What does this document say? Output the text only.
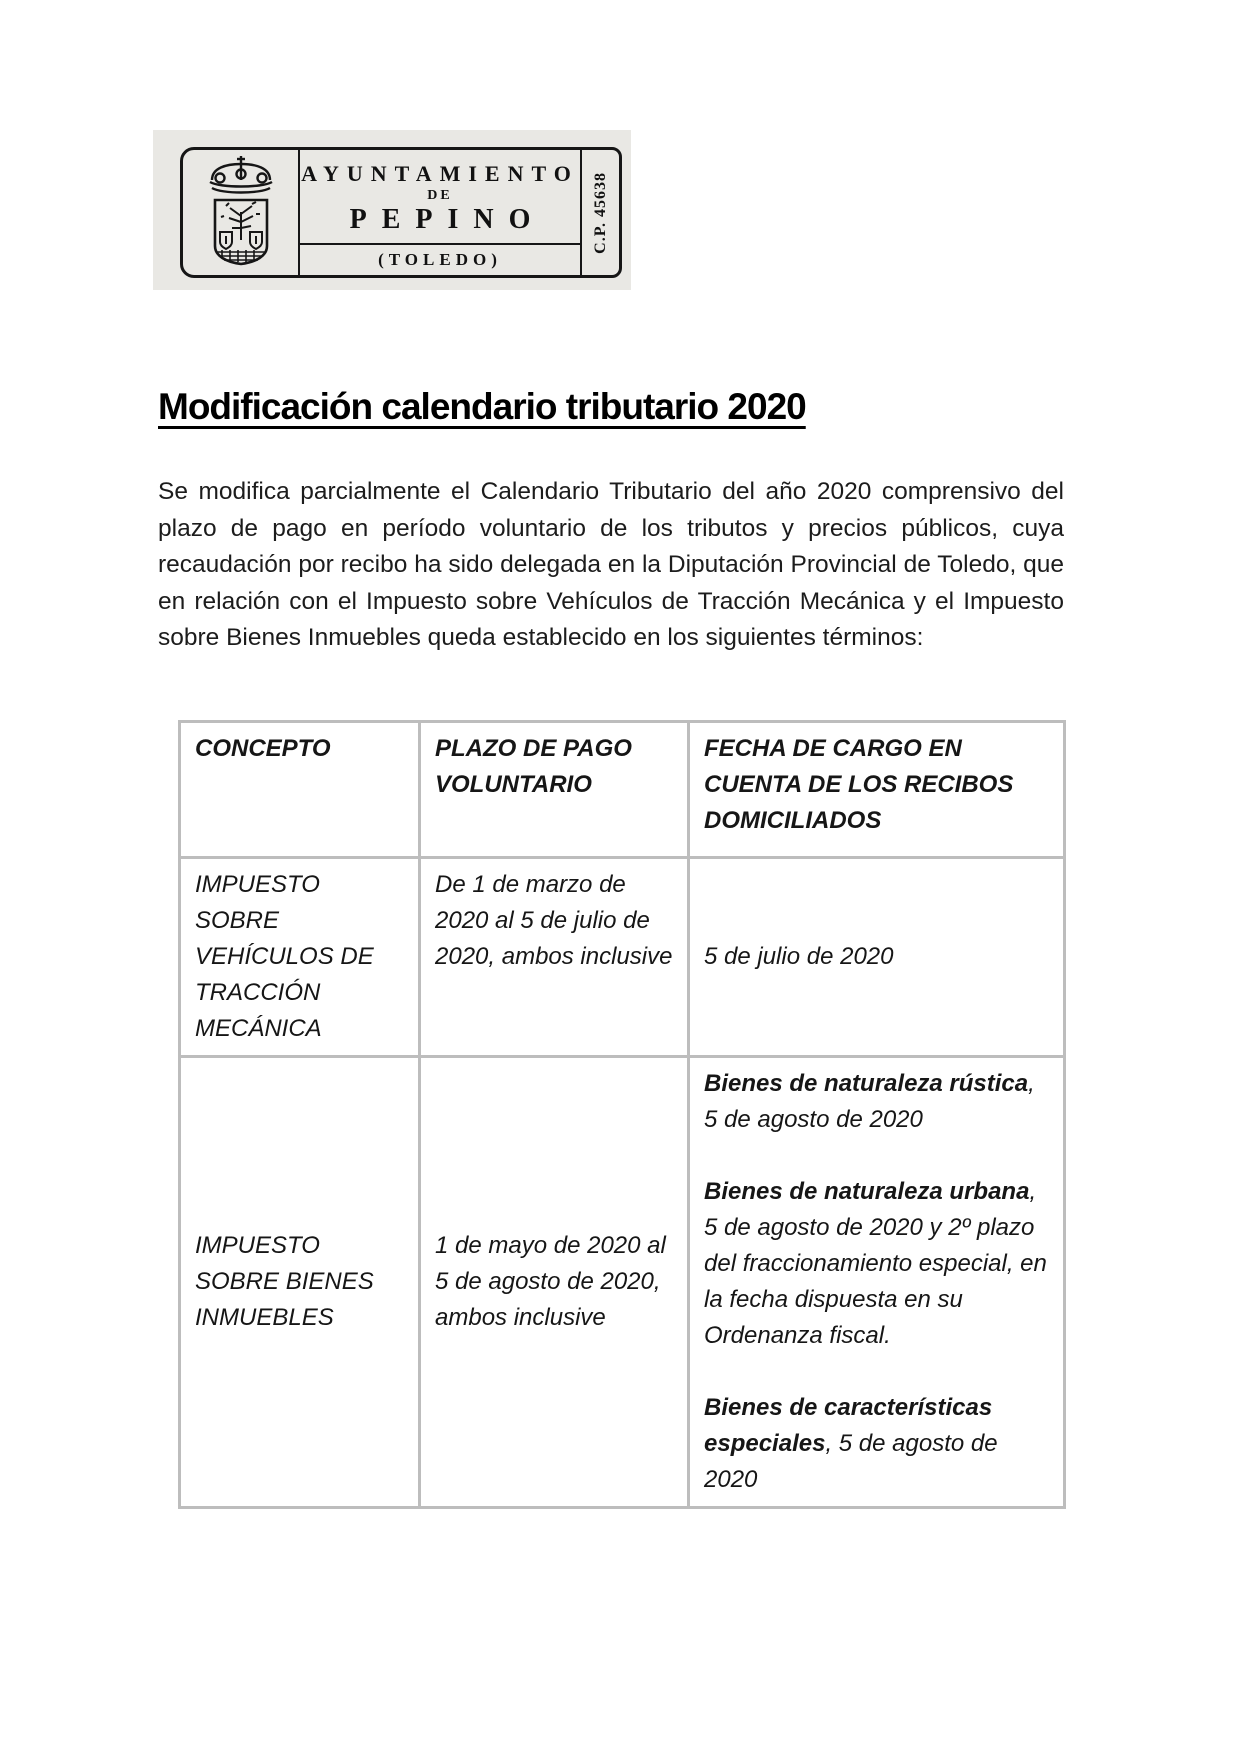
AYUNTAMIENTO
DE
PEPINO
(TOLEDO)
C.P. 45638
Modificación calendario tributario 2020

Se modifica parcialmente el Calendario Tributario del año 2020 comprensivo del plazo de pago en período voluntario de los tributos y precios públicos, cuya recaudación por recibo ha sido delegada en la Diputación Provincial de Toledo, que en relación con el Impuesto sobre Vehículos de Tracción Mecánica y el Impuesto sobre Bienes Inmuebles queda establecido en los siguientes términos:

CONCEPTO	PLAZO DE PAGO VOLUNTARIO	FECHA DE CARGO EN CUENTA DE LOS RECIBOS DOMICILIADOS
IMPUESTO SOBRE VEHÍCULOS DE TRACCIÓN MECÁNICA	De 1 de marzo de 2020 al 5 de julio de 2020, ambos inclusive	5 de julio de 2020
IMPUESTO SOBRE BIENES INMUEBLES	1 de mayo de 2020 al 5 de agosto de 2020, ambos inclusive	Bienes de naturaleza rústica, 5 de agosto de 2020

Bienes de naturaleza urbana, 5 de agosto de 2020 y 2º plazo del fraccionamiento especial, en la fecha dispuesta en su Ordenanza fiscal.

Bienes de características especiales, 5 de agosto de 2020
